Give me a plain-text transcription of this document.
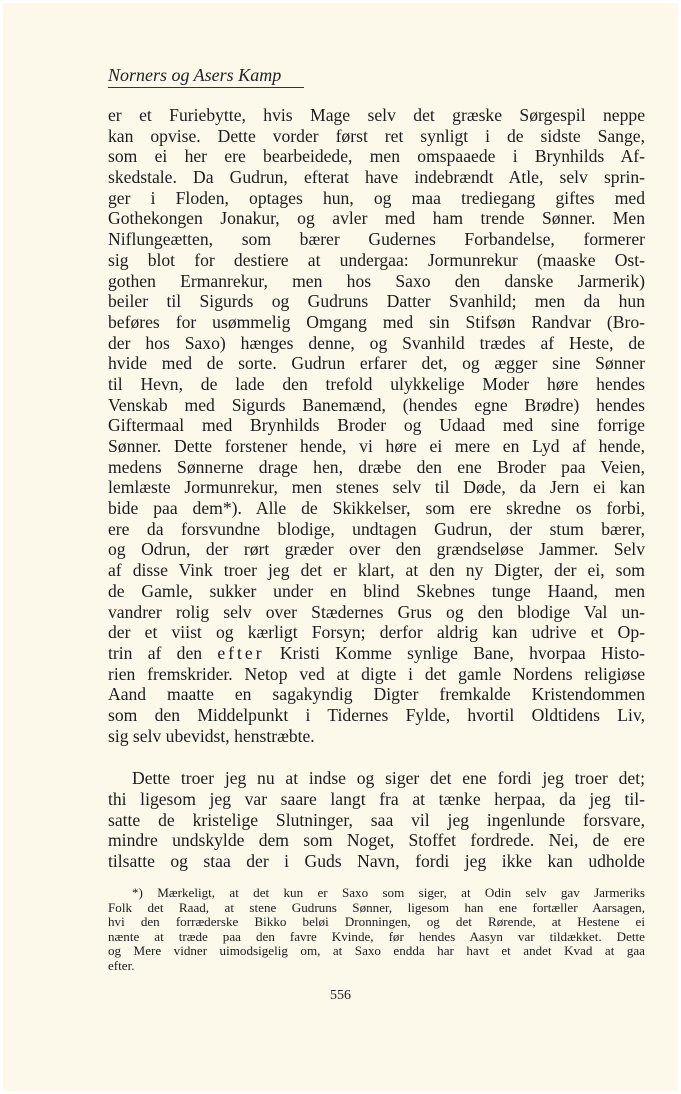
Norners og Asers Kamp
er et Furiebytte, hvis Mage selv det græske Sørgespil neppe
kan opvise. Dette vorder først ret synligt i de sidste Sange,
som ei her ere bearbeidede, men omspaaede i Brynhilds Af-
skedstale. Da Gudrun, efterat have indebrændt Atle, selv sprin-
ger i Floden, optages hun, og maa trediegang giftes med
Gothekongen Jonakur, og avler med ham trende Sønner. Men
Niflungeætten, som bærer Gudernes Forbandelse, formerer
sig blot for destiere at undergaa: Jormunrekur (maaske Ost-
gothen Ermanrekur, men hos Saxo den danske Jarmerik)
beiler til Sigurds og Gudruns Datter Svanhild; men da hun
beføres for usømmelig Omgang med sin Stifsøn Randvar (Bro-
der hos Saxo) hænges denne, og Svanhild trædes af Heste, de
hvide med de sorte. Gudrun erfarer det, og ægger sine Sønner
til Hevn, de lade den trefold ulykkelige Moder høre hendes
Venskab med Sigurds Banemænd, (hendes egne Brødre) hendes
Giftermaal med Brynhilds Broder og Udaad med sine forrige
Sønner. Dette forstener hende, vi høre ei mere en Lyd af hende,
medens Sønnerne drage hen, dræbe den ene Broder paa Veien,
lemlæste Jormunrekur, men stenes selv til Døde, da Jern ei kan
bide paa dem*). Alle de Skikkelser, som ere skredne os forbi,
ere da forsvundne blodige, undtagen Gudrun, der stum bærer,
og Odrun, der rørt græder over den grændseløse Jammer. Selv
af disse Vink troer jeg det er klart, at den ny Digter, der ei, som
de Gamle, sukker under en blind Skebnes tunge Haand, men
vandrer rolig selv over Stædernes Grus og den blodige Val un-
der et viist og kærligt Forsyn; derfor aldrig kan udrive et Op-
trin af den efter Kristi Komme synlige Bane, hvorpaa Histo-
rien fremskrider. Netop ved at digte i det gamle Nordens religiøse
Aand maatte en sagakyndig Digter fremkalde Kristendommen
som den Middelpunkt i Tidernes Fylde, hvortil Oldtidens Liv,
sig selv ubevidst, henstræbte.
Dette troer jeg nu at indse og siger det ene fordi jeg troer det;
thi ligesom jeg var saare langt fra at tænke herpaa, da jeg til-
satte de kristelige Slutninger, saa vil jeg ingenlunde forsvare,
mindre undskylde dem som Noget, Stoffet fordrede. Nei, de ere
tilsatte og staa der i Guds Navn, fordi jeg ikke kan udholde
*) Mærkeligt, at det kun er Saxo som siger, at Odin selv gav Jarmeriks
Folk det Raad, at stene Gudruns Sønner, ligesom han ene fortæller Aarsagen,
hvi den forræderske Bikko beløi Dronningen, og det Rørende, at Hestene ei
nænte at træde paa den favre Kvinde, før hendes Aasyn var tildækket. Dette
og Mere vidner uimodsigelig om, at Saxo endda har havt et andet Kvad at gaa
efter.
556
